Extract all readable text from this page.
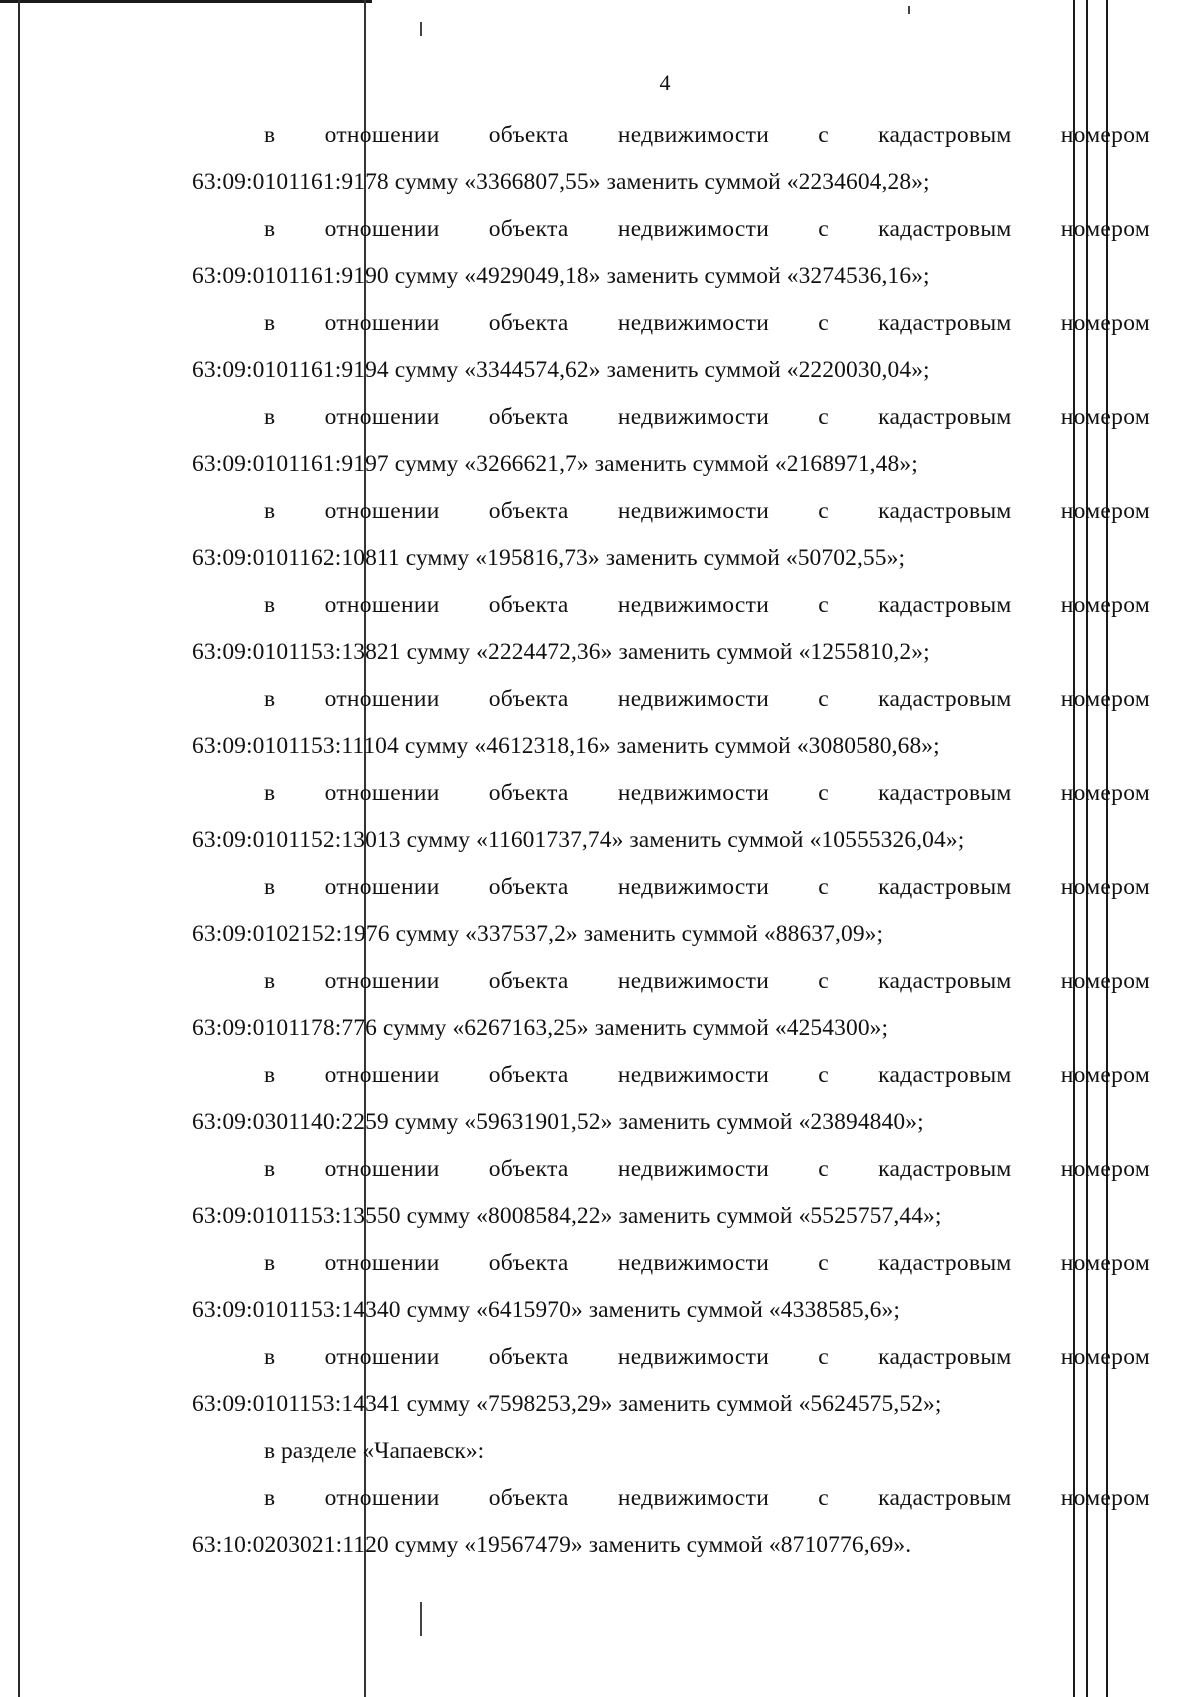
4
в отношении объекта недвижимости с кадастровым номером
63:09:0101161:9178 сумму «3366807,55» заменить суммой «2234604,28»;
в отношении объекта недвижимости с кадастровым номером
63:09:0101161:9190 сумму «4929049,18» заменить суммой «3274536,16»;
в отношении объекта недвижимости с кадастровым номером
63:09:0101161:9194 сумму «3344574,62» заменить суммой «2220030,04»;
в отношении объекта недвижимости с кадастровым номером
63:09:0101161:9197 сумму «3266621,7» заменить суммой «2168971,48»;
в отношении объекта недвижимости с кадастровым номером
63:09:0101162:10811 сумму «195816,73» заменить суммой «50702,55»;
в отношении объекта недвижимости с кадастровым номером
63:09:0101153:13821 сумму «2224472,36» заменить суммой «1255810,2»;
в отношении объекта недвижимости с кадастровым номером
63:09:0101153:11104 сумму «4612318,16» заменить суммой «3080580,68»;
в отношении объекта недвижимости с кадастровым номером
63:09:0101152:13013 сумму «11601737,74» заменить суммой «10555326,04»;
в отношении объекта недвижимости с кадастровым номером
63:09:0102152:1976 сумму «337537,2» заменить суммой «88637,09»;
в отношении объекта недвижимости с кадастровым номером
63:09:0101178:776 сумму «6267163,25» заменить суммой «4254300»;
в отношении объекта недвижимости с кадастровым номером
63:09:0301140:2259 сумму «59631901,52» заменить суммой «23894840»;
в отношении объекта недвижимости с кадастровым номером
63:09:0101153:13550 сумму «8008584,22» заменить суммой «5525757,44»;
в отношении объекта недвижимости с кадастровым номером
63:09:0101153:14340 сумму «6415970» заменить суммой «4338585,6»;
в отношении объекта недвижимости с кадастровым номером
63:09:0101153:14341 сумму «7598253,29» заменить суммой «5624575,52»;
в разделе «Чапаевск»:
в отношении объекта недвижимости с кадастровым номером
63:10:0203021:1120 сумму «19567479» заменить суммой «8710776,69».
